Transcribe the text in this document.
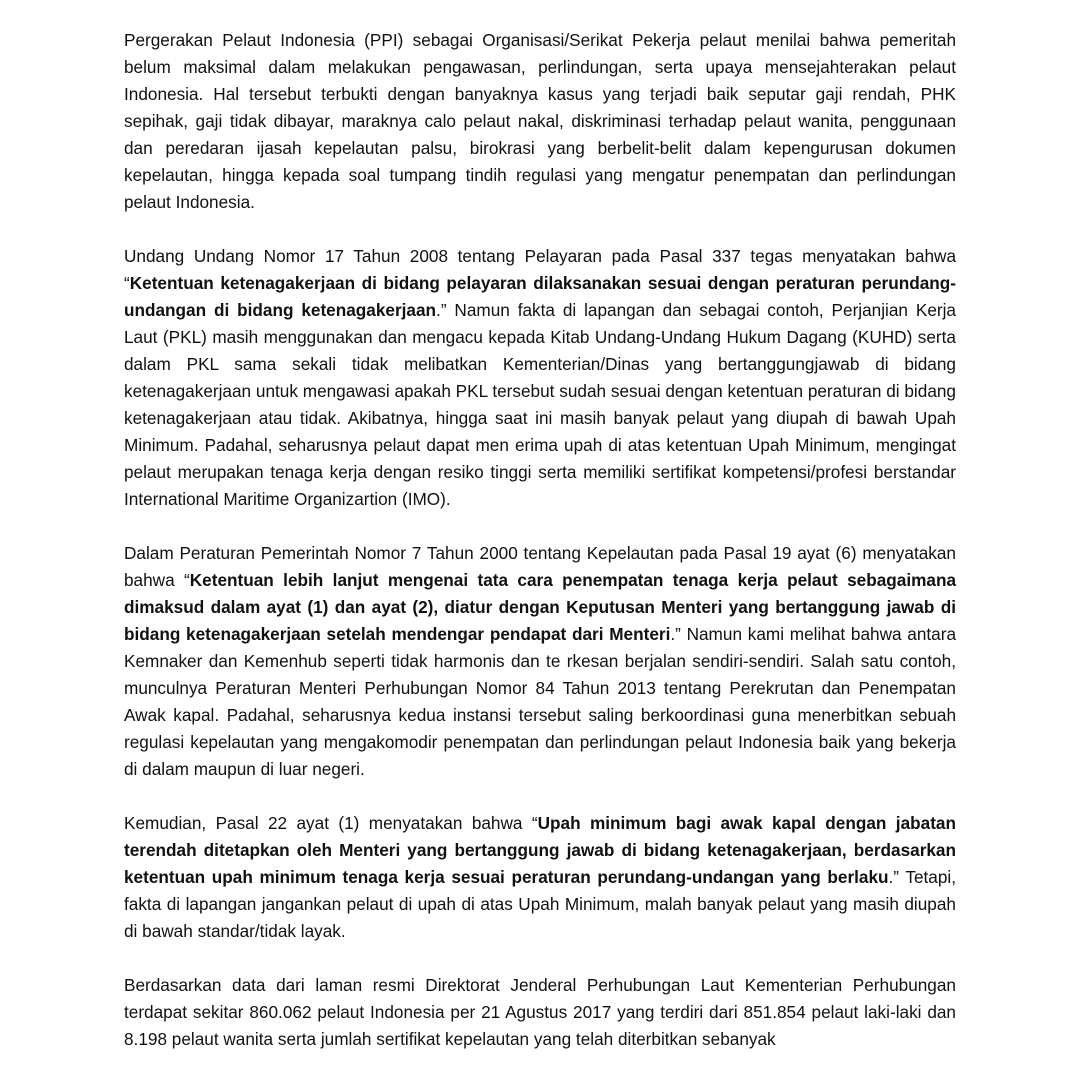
Pergerakan Pelaut Indonesia (PPI) sebagai Organisasi/Serikat Pekerja pelaut menilai bahwa pemeritah belum maksimal dalam melakukan pengawasan, perlindungan, serta upaya mensejahterakan pelaut Indonesia. Hal tersebut terbukti dengan banyaknya kasus yang terjadi baik seputar gaji rendah, PHK sepihak, gaji tidak dibayar, maraknya calo pelaut nakal, diskriminasi terhadap pelaut wanita, penggunaan dan peredaran ijasah kepelautan palsu, birokrasi yang berbelit-belit dalam kepengurusan dokumen kepelautan, hingga kepada soal tumpang tindih regulasi yang mengatur penempatan dan perlindungan pelaut Indonesia.

Undang Undang Nomor 17 Tahun 2008 tentang Pelayaran pada Pasal 337 tegas menyatakan bahwa “Ketentuan ketenagakerjaan di bidang pelayaran dilaksanakan sesuai dengan peraturan perundang-undangan di bidang ketenagakerjaan.” Namun fakta di lapangan dan sebagai contoh, Perjanjian Kerja Laut (PKL) masih menggunakan dan mengacu kepada Kitab Undang-Undang Hukum Dagang (KUHD) serta dalam PKL sama sekali tidak melibatkan Kementerian/Dinas yang bertanggungjawab di bidang ketenagakerjaan untuk mengawasi apakah PKL tersebut sudah sesuai dengan ketentuan peraturan di bidang ketenagakerjaan atau tidak. Akibatnya, hingga saat ini masih banyak pelaut yang diupah di bawah Upah Minimum. Padahal, seharusnya pelaut dapat men erima upah di atas ketentuan Upah Minimum, mengingat pelaut merupakan tenaga kerja dengan resiko tinggi serta memiliki sertifikat kompetensi/profesi berstandar International Maritime Organizartion (IMO).

Dalam Peraturan Pemerintah Nomor 7 Tahun 2000 tentang Kepelautan pada Pasal 19 ayat (6) menyatakan bahwa “Ketentuan lebih lanjut mengenai tata cara penempatan tenaga kerja pelaut sebagaimana dimaksud dalam ayat (1) dan ayat (2), diatur dengan Keputusan Menteri yang bertanggung jawab di bidang ketenagakerjaan setelah mendengar pendapat dari Menteri.” Namun kami melihat bahwa antara Kemnaker dan Kemenhub seperti tidak harmonis dan te rkesan berjalan sendiri-sendiri. Salah satu contoh, munculnya Peraturan Menteri Perhubungan Nomor 84 Tahun 2013 tentang Perekrutan dan Penempatan Awak kapal. Padahal, seharusnya kedua instansi tersebut saling berkoordinasi guna menerbitkan sebuah regulasi kepelautan yang mengakomodir penempatan dan perlindungan pelaut Indonesia baik yang bekerja di dalam maupun di luar negeri.

Kemudian, Pasal 22 ayat (1) menyatakan bahwa “Upah minimum bagi awak kapal dengan jabatan terendah ditetapkan oleh Menteri yang bertanggung jawab di bidang ketenagakerjaan, berdasarkan ketentuan upah minimum tenaga kerja sesuai peraturan perundang-undangan yang berlaku.” Tetapi, fakta di lapangan jangankan pelaut di upah di atas Upah Minimum, malah banyak pelaut yang masih diupah di bawah standar/tidak layak.

Berdasarkan data dari laman resmi Direktorat Jenderal Perhubungan Laut Kementerian Perhubungan terdapat sekitar 860.062 pelaut Indonesia per 21 Agustus 2017 yang terdiri dari 851.854 pelaut laki-laki dan 8.198 pelaut wanita serta jumlah sertifikat kepelautan yang telah diterbitkan sebanyak
